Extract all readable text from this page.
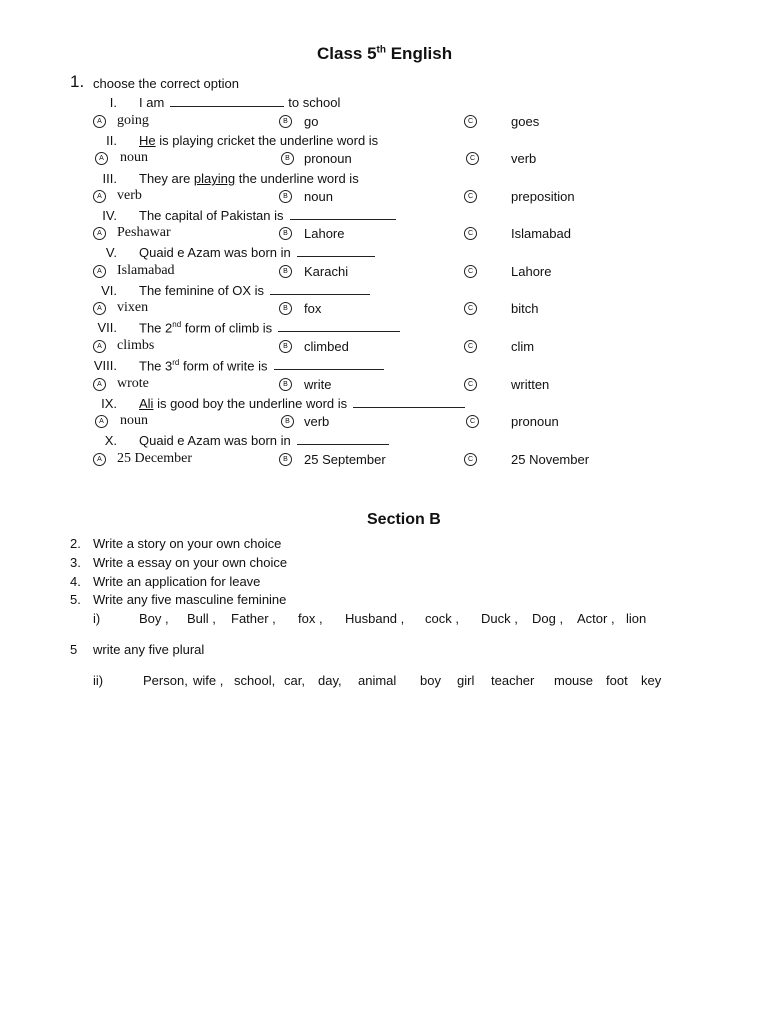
Class 5th English
1. choose the correct option
I. I am	to school
A going	B	go	C	goes
II. He is playing cricket the underline word is
A noun	B	pronoun	C	verb
III. They are playing the underline word is
A verb	B	noun	C	preposition
IV. The capital of Pakistan is
A Peshawar	B	Lahore	C	Islamabad
V. Quaid e Azam was born in
A Islamabad	B	Karachi	C	Lahore
VI. The feminine of OX is
A vixen	B	fox	C	bitch
VII. The 2nd form of climb is
A climbs	B	climbed	C	clim
VIII. The 3rd form of write is
A wrote	B	write	C	written
IX. Ali is good boy the underline word is
A noun	B	verb	C	pronoun
X. Quaid e Azam was born in
A 25 December	B	25 September	C	25 November
Section B
2. Write a story on your own choice
3. Write a essay on your own choice
4. Write an application for leave
5. Write any five masculine feminine
i)	Boy , Bull , Father , fox , Husband , cock , Duck , Dog , Actor , lion
5 write any five plural
ii)	Person, wife , school, car, day, animal boy girl teacher mouse foot key
